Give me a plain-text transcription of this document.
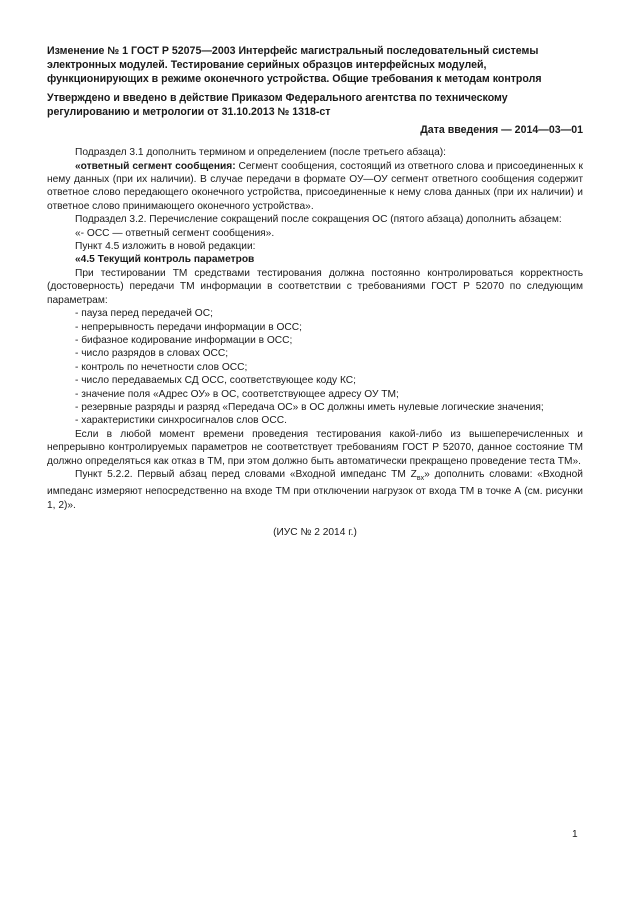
Изменение № 1 ГОСТ Р 52075—2003 Интерфейс магистральный последовательный системы электронных модулей. Тестирование серийных образцов интерфейсных модулей, функционирующих в режиме оконечного устройства. Общие требования к методам контроля

Утверждено и введено в действие Приказом Федерального агентства по техническому регулированию и метрологии от 31.10.2013 № 1318-ст

Дата введения — 2014—03—01

Подраздел 3.1 дополнить термином и определением (после третьего абзаца):

«ответный сегмент сообщения: Сегмент сообщения, состоящий из ответного слова и присоединенных к нему данных (при их наличии). В случае передачи в формате ОУ—ОУ сегмент ответного сообщения содержит ответное слово передающего оконечного устройства, присоединенные к нему слова данных (при их наличии) и ответное слово принимающего оконечного устройства».

Подраздел 3.2. Перечисление сокращений после сокращения ОС (пятого абзаца) дополнить абзацем:

«- ОСС — ответный сегмент сообщения».

Пункт 4.5 изложить в новой редакции:

«4.5 Текущий контроль параметров

При тестировании ТМ средствами тестирования должна постоянно контролироваться корректность (достоверность) передачи ТМ информации в соответствии с требованиями ГОСТ Р 52070 по следующим параметрам:

- пауза перед передачей ОС;

- непрерывность передачи информации в ОСС;

- бифазное кодирование информации в ОСС;

- число разрядов в словах ОСС;

- контроль по нечетности слов ОСС;

- число передаваемых СД ОСС, соответствующее коду КС;

- значение поля «Адрес ОУ» в ОС, соответствующее адресу ОУ ТМ;

- резервные разряды и разряд «Передача ОС» в ОС должны иметь нулевые логические значения;

- характеристики синхросигналов слов ОСС.

Если в любой момент времени проведения тестирования какой-либо из вышеперечисленных и непрерывно контролируемых параметров не соответствует требованиям ГОСТ Р 52070, данное состояние ТМ должно определяться как отказ в ТМ, при этом должно быть автоматически прекращено проведение теста ТМ».

Пункт 5.2.2. Первый абзац перед словами «Входной импеданс ТМ $Z_{вх}$» дополнить словами: «Входной импеданс измеряют непосредственно на входе ТМ при отключении нагрузок от входа ТМ в точке А (см. рисунки 1, 2)».

(ИУС № 2 2014 г.)

1
